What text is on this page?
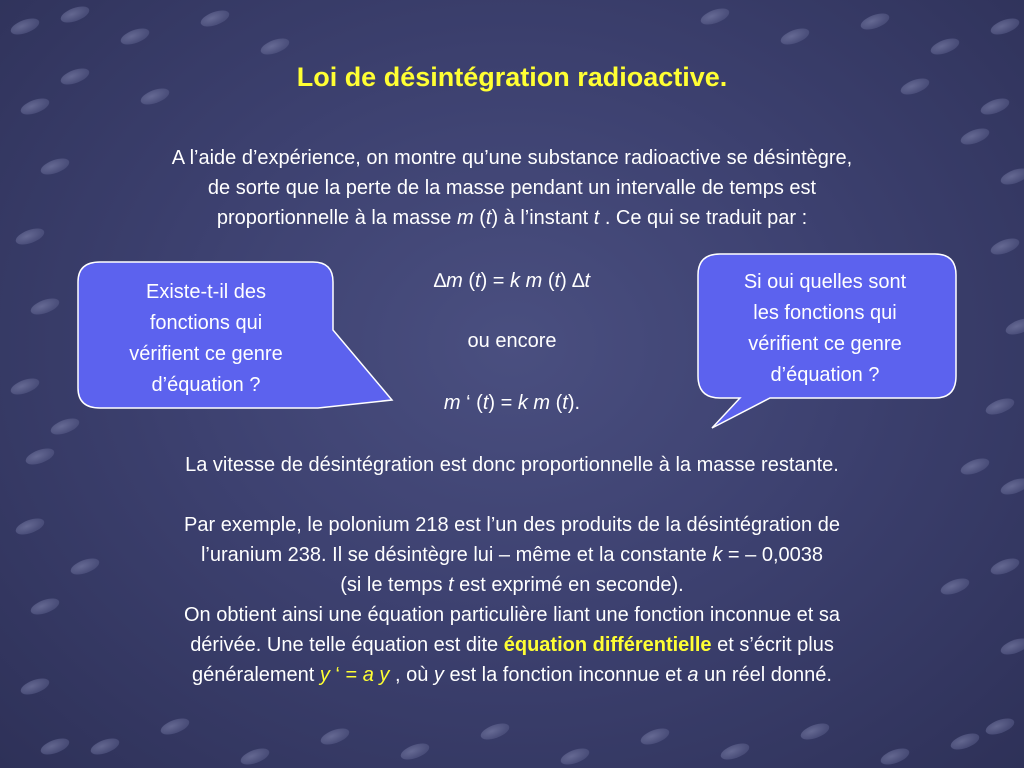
Loi de désintégration radioactive.
A l’aide d’expérience, on montre qu’une substance radioactive se désintègre,
de sorte que la perte de la masse pendant un intervalle de temps est
proportionnelle à la masse m (t) à l’instant t . Ce qui se traduit par :
Existe-t-il des
fonctions qui
vérifient ce genre
d’équation ?
Si oui quelles sont
les fonctions qui
vérifient ce genre
d’équation ?
∆m (t) = k m (t) ∆t
ou encore
m ‘ (t) = k m (t).
La vitesse de désintégration est donc proportionnelle à la masse restante.
Par exemple, le polonium 218 est l’un des produits de la désintégration de
l’uranium 238. Il se désintègre lui – même et la constante k = – 0,0038
(si le temps t est exprimé en seconde).
On obtient ainsi une équation particulière liant une fonction inconnue et sa
dérivée. Une telle équation est dite équation différentielle et s’écrit plus
généralement y ‘ = a y , où y est la fonction inconnue et a un réel donné.
